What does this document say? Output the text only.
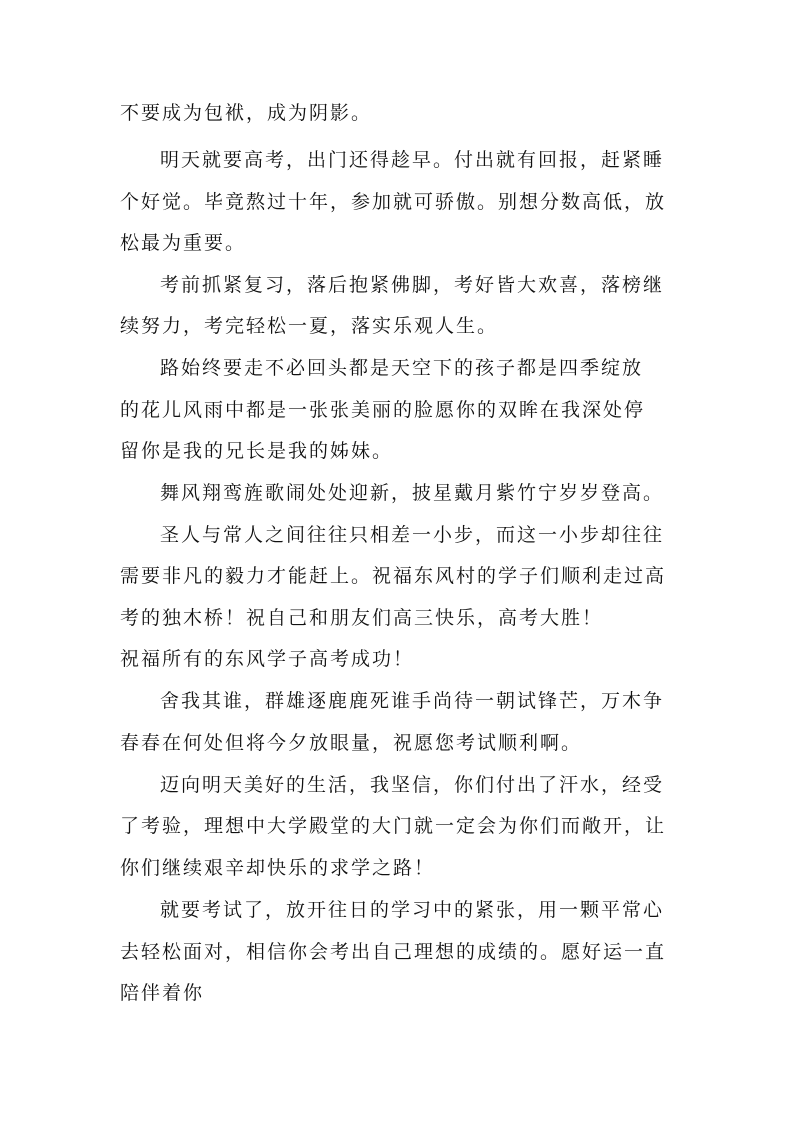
不要成为包袱，成为阴影。
明天就要高考，出门还得趁早。付出就有回报，赶紧睡
个好觉。毕竟熬过十年，参加就可骄傲。别想分数高低，放
松最为重要。
考前抓紧复习，落后抱紧佛脚，考好皆大欢喜，落榜继
续努力，考完轻松一夏，落实乐观人生。
路始终要走不必回头都是天空下的孩子都是四季绽放
的花儿风雨中都是一张张美丽的脸愿你的双眸在我深处停
留你是我的兄长是我的姊妹。
舞风翔鸾旌歌闹处处迎新，披星戴月紫竹宁岁岁登高。
圣人与常人之间往往只相差一小步，而这一小步却往往
需要非凡的毅力才能赶上。祝福东风村的学子们顺利走过高
考的独木桥！祝自己和朋友们高三快乐，高考大胜！
祝福所有的东风学子高考成功！
舍我其谁，群雄逐鹿鹿死谁手尚待一朝试锋芒，万木争
春春在何处但将今夕放眼量，祝愿您考试顺利啊。
迈向明天美好的生活，我坚信，你们付出了汗水，经受
了考验，理想中大学殿堂的大门就一定会为你们而敞开，让
你们继续艰辛却快乐的求学之路！
就要考试了，放开往日的学习中的紧张，用一颗平常心
去轻松面对，相信你会考出自己理想的成绩的。愿好运一直
陪伴着你
